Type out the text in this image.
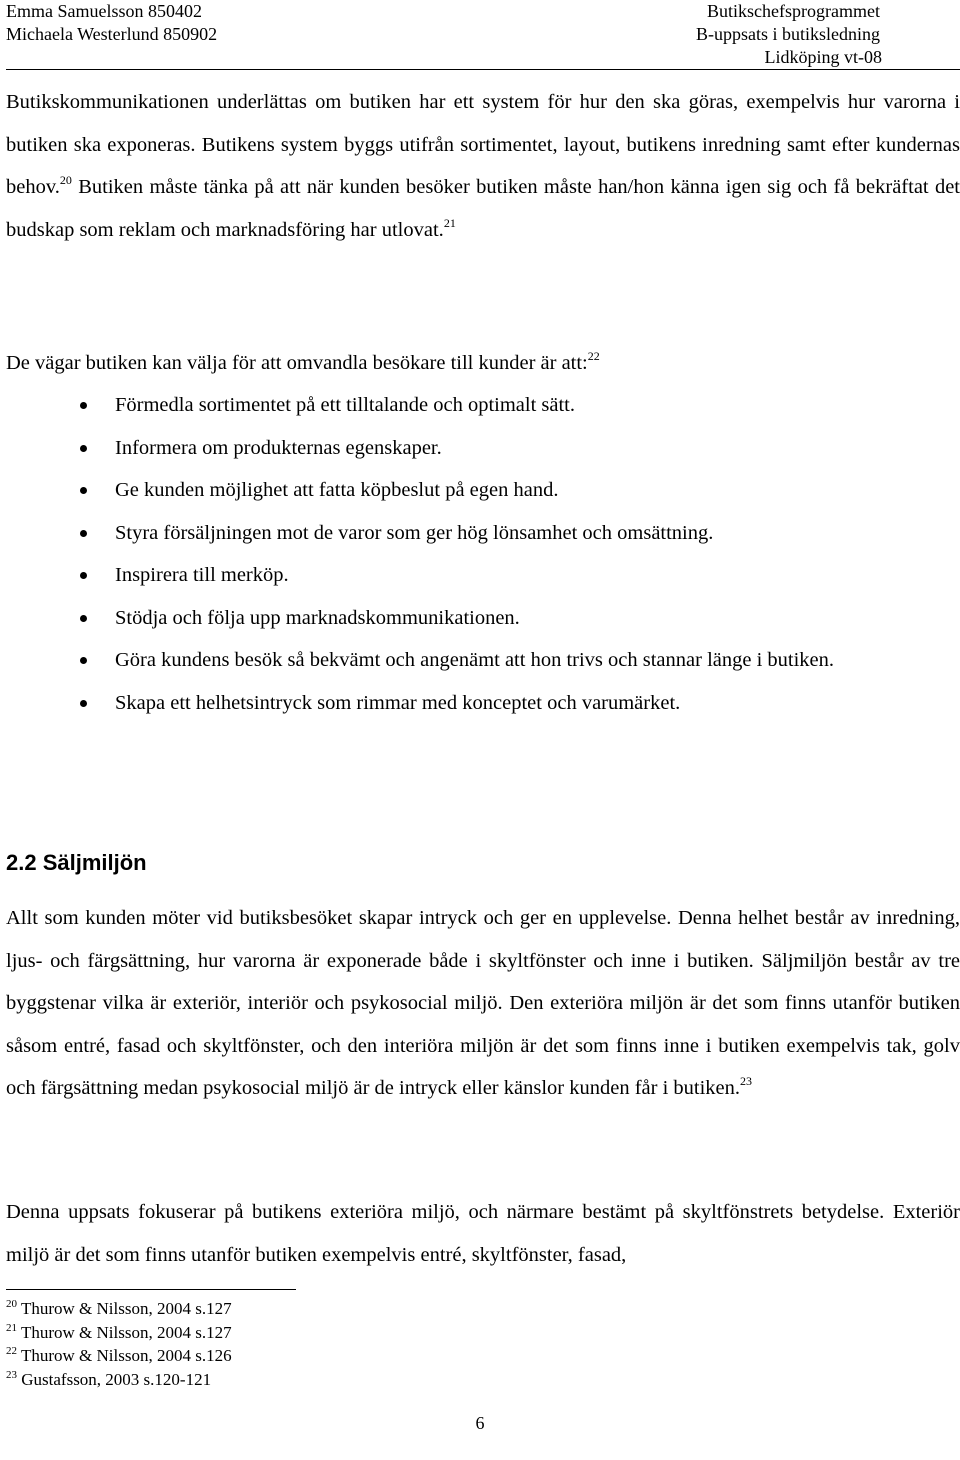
Emma Samuelsson 850402
Michaela Westerlund 850902
Butikschefsprogrammet
B-uppsats i butiksledning
Lidköping vt-08

Butikskommunikationen underlättas om butiken har ett system för hur den ska göras, exempelvis hur varorna i butiken ska exponeras. Butikens system byggs utifrån sortimentet, layout, butikens inredning samt efter kundernas behov.$^{20}$ Butiken måste tänka på att när kunden besöker butiken måste han/hon känna igen sig och få bekräftat det budskap som reklam och marknadsföring har utlovat.$^{21}$

De vägar butiken kan välja för att omvandla besökare till kunder är att:$^{22}$

Förmedla sortimentet på ett tilltalande och optimalt sätt.
Informera om produkternas egenskaper.
Ge kunden möjlighet att fatta köpbeslut på egen hand.
Styra försäljningen mot de varor som ger hög lönsamhet och omsättning.
Inspirera till merköp.
Stödja och följa upp marknadskommunikationen.
Göra kundens besök så bekvämt och angenämt att hon trivs och stannar länge i butiken.
Skapa ett helhetsintryck som rimmar med konceptet och varumärket.
2.2 Säljmiljön

Allt som kunden möter vid butiksbesöket skapar intryck och ger en upplevelse. Denna helhet består av inredning, ljus- och färgsättning, hur varorna är exponerade både i skyltfönster och inne i butiken. Säljmiljön består av tre byggstenar vilka är exteriör, interiör och psykosocial miljö. Den exteriöra miljön är det som finns utanför butiken såsom entré, fasad och skyltfönster, och den interiöra miljön är det som finns inne i butiken exempelvis tak, golv och färgsättning medan psykosocial miljö är de intryck eller känslor kunden får i butiken.$^{23}$

Denna uppsats fokuserar på butikens exteriöra miljö, och närmare bestämt på skyltfönstrets betydelse. Exteriör miljö är det som finns utanför butiken exempelvis entré, skyltfönster, fasad,

$^{20}$ Thurow & Nilsson, 2004 s.127
$^{21}$ Thurow & Nilsson, 2004 s.127
$^{22}$ Thurow & Nilsson, 2004 s.126
$^{23}$ Gustafsson, 2003 s.120-121
6
